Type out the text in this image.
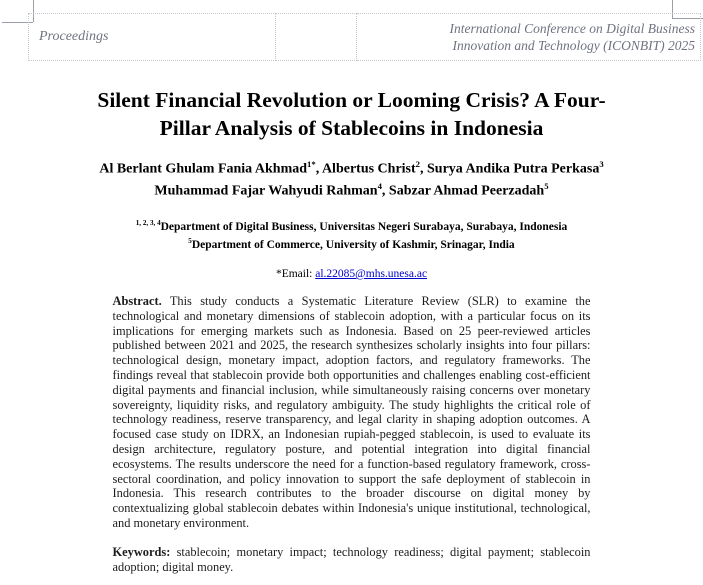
Proceedings		
International Conference on Digital Business
Innovation and Technology (ICONBIT) 2025
Silent Financial Revolution or Looming Crisis? A Four-
Pillar Analysis of Stablecoins in Indonesia
Al Berlant Ghulam Fania Akhmad$^{1*}$, Albertus Christ$^2$, Surya Andika Putra Perkasa$^3$
Muhammad Fajar Wahyudi Rahman$^4$, Sabzar Ahmad Peerzadah$^5$
$^{1, 2, 3, 4}$Department of Digital Business, Universitas Negeri Surabaya, Surabaya, Indonesia
$^5$Department of Commerce, University of Kashmir, Srinagar, India
*Email: al.22085@mhs.unesa.ac

Abstract. This study conducts a Systematic Literature Review (SLR) to examine the technological and monetary dimensions of stablecoin adoption, with a particular focus on its implications for emerging markets such as Indonesia. Based on 25 peer-reviewed articles published between 2021 and 2025, the research synthesizes scholarly insights into four pillars: technological design, monetary impact, adoption factors, and regulatory frameworks. The findings reveal that stablecoin provide both opportunities and challenges enabling cost-efficient digital payments and financial inclusion, while simultaneously raising concerns over monetary sovereignty, liquidity risks, and regulatory ambiguity. The study highlights the critical role of technology readiness, reserve transparency, and legal clarity in shaping adoption outcomes. A focused case study on IDRX, an Indonesian rupiah-pegged stablecoin, is used to evaluate its design architecture, regulatory posture, and potential integration into digital financial ecosystems. The results underscore the need for a function-based regulatory framework, cross-sectoral coordination, and policy innovation to support the safe deployment of stablecoin in Indonesia. This research contributes to the broader discourse on digital money by contextualizing global stablecoin debates within Indonesia's unique institutional, technological, and monetary environment.

Keywords: stablecoin; monetary impact; technology readiness; digital payment; stablecoin adoption; digital money.
